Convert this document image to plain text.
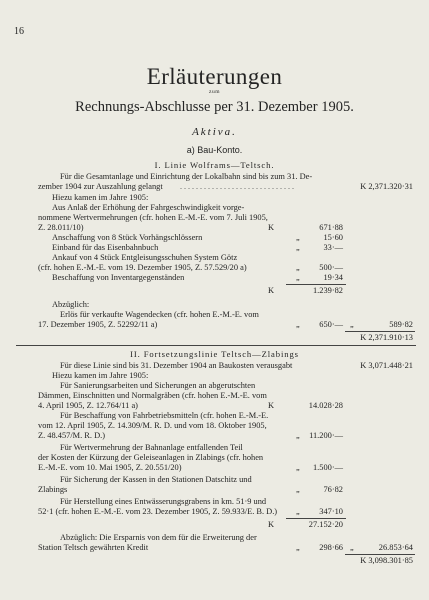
16
Erläuterungen
zum
Rechnungs-Abschlusse per 31. Dezember 1905.
Aktiva.
a) Bau-Konto.
I. Linie Wolframs—Teltsch.
Für die Gesamtanlage und Einrichtung der Lokalbahn sind bis zum 31. De-
zember 1904 zur Auszahlung gelangt . . . . . . . . . . . . . . . . . . . . . . . . . . . . .	K 2,371.320·31
Hiezu kamen im Jahre 1905:
Aus Anlaß der Erhöhung der Fahrgeschwindigkeit vorge-
nommene Wertvermehrungen (cfr. hohen E.-M.-E. vom 7. Juli 1905,
Z. 28.011/10)	K	671·88
Anschaffung von 8 Stück Vorhängschlössern	„	15·60
Einband für das Eisenbahnbuch	„	33·—
Ankauf von 4 Stück Entgleisungsschuhen System Götz
(cfr. hohen E.-M.-E. vom 19. Dezember 1905, Z. 57.529/20 a)	„	500·—
Beschaffung von Inventargegenständen	„	19·34
K	1.239·82
Abzüglich:
Erlös für verkaufte Wagendecken (cfr. hohen E.-M.-E. vom
17. Dezember 1905, Z. 52292/11 a)	„	650·— „	589·82
K 2,371.910·13
II. Fortsetzungslinie Teltsch—Zlabings
Für diese Linie sind bis 31. Dezember 1904 an Baukosten verausgabt	K 3,071.448·21
Hiezu kamen im Jahre 1905:
Für Sanierungsarbeiten und Sicherungen an abgerutschten
Dämmen, Einschnitten und Normalgräben (cfr. hohen E.-M.-E. vom
4. April 1905, Z. 12.764/11 a)	K	14.028·28
Für Beschaffung von Fahrbetriebsmitteln (cfr. hohen E.-M.-E.
vom 12. April 1905, Z. 14.309/M. R. D. und vom 18. Oktober 1905,
Z. 48.457/M. R. D.)	„	11.200·—
Für Wertvermehrung der Bahnanlage entfallenden Teil
der Kosten der Kürzung der Geleiseanlagen in Zlabings (cfr. hohen
E.-M.-E. vom 10. Mai 1905, Z. 20.551/20)	„	1.500·—
Für Sicherung der Kassen in den Stationen Datschitz und
Zlabings	„	76·82
Für Herstellung eines Entwässerungsgrabens in km. 51·9 und
52·1 (cfr. hohen E.-M.-E. vom 23. Dezember 1905, Z. 59.933/E. B. D.) „	347·10
K	27.152·20
Abzüglich: Die Ersparnis von dem für die Erweiterung der
Station Teltsch gewährten Kredit	„	298·66 „	26.853·64
K 3,098.301·85
